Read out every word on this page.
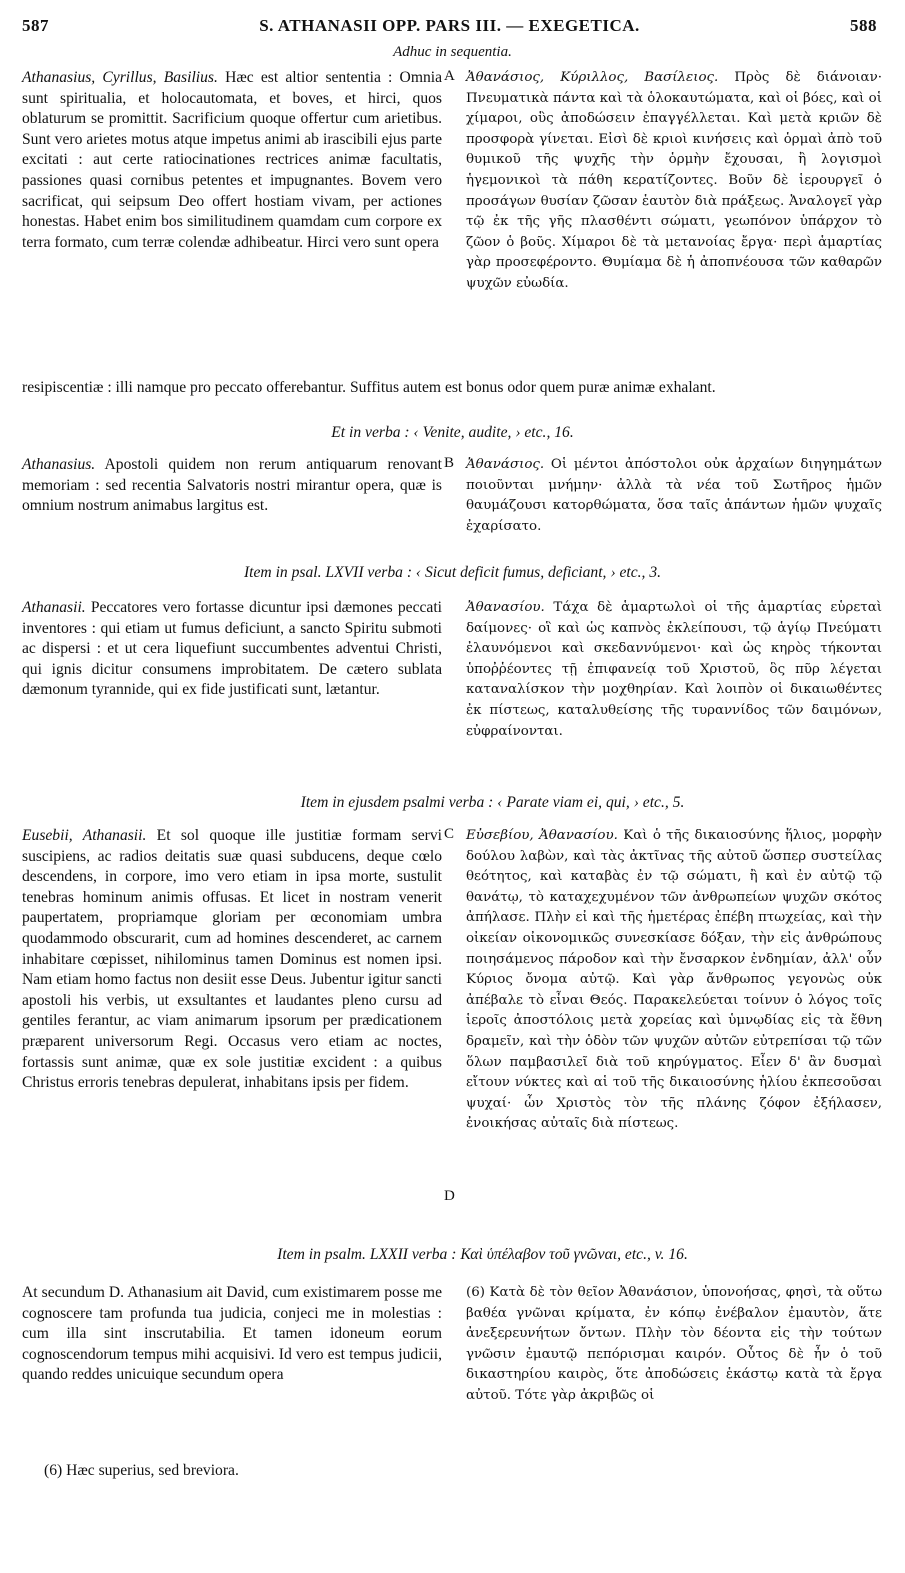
587	S. ATHANASII OPP. PARS III. — EXEGETICA.	588
Adhuc in sequentia.
Athanasius, Cyrillus, Basilius. Hæc est altior sententia : Omnia sunt spiritualia, et holocautomata, et boves, et hirci, quos oblaturum se promittit. Sacrificium quoque offertur cum arietibus. Sunt vero arietes motus atque impetus animi ab irascibili ejus parte excitati : aut certe ratiocinationes rectrices animæ facultatis, passiones quasi cornibus petentes et impugnantes. Bovem vero sacrificat, qui seipsum Deo offert hostiam vivam, per actiones honestas. Habet enim bos similitudinem quamdam cum corpore ex terra formato, cum terræ colendæ adhibeatur. Hirci vero sunt opera
A Ἀθανάσιος, Κύριλλος, Βασίλειος. Πρὸς δὲ διάνοιαν· Πνευματικὰ πάντα καὶ τὰ ὁλοκαυτώματα, καὶ οἱ βόες, καὶ οἱ χίμαροι, οὓς ἀποδώσειν ἐπαγγέλλεται. Καὶ μετὰ κριῶν δὲ προσφορὰ γίνεται. Εἰσὶ δὲ κριοὶ κινήσεις καὶ ὁρμαὶ ἀπὸ τοῦ θυμικοῦ τῆς ψυχῆς τὴν ὁρμὴν ἔχουσαι, ἢ λογισμοὶ ἡγεμονικοὶ τὰ πάθη κερατίζοντες. Βοῦν δὲ ἱερουργεῖ ὁ προσάγων θυσίαν ζῶσαν ἑαυτὸν διὰ πράξεως. Ἀναλογεῖ γὰρ τῷ ἐκ τῆς γῆς πλασθέντι σώματι, γεωπόνον ὑπάρχον τὸ ζῶον ὁ βοῦς. Χίμαροι δὲ τὰ μετανοίας ἔργα· περὶ ἁμαρτίας γὰρ προσεφέροντο. Θυμίαμα δὲ ἡ ἀποπνέουσα τῶν καθαρῶν ψυχῶν εὐωδία.
resipiscentiæ : illi namque pro peccato offerebantur. Suffitus autem est bonus odor quem puræ animæ exhalant.
Et in verba : ‹ Venite, audite, › etc., 16.
Athanasius. Apostoli quidem non rerum antiquarum renovant memoriam : sed recentia Salvatoris nostri mirantur opera, quæ is omnium nostrum animabus largitus est.
B Ἀθανάσιος. Οἱ μέντοι ἀπόστολοι οὐκ ἀρχαίων διηγημάτων ποιοῦνται μνήμην· ἀλλὰ τὰ νέα τοῦ Σωτῆρος ἡμῶν θαυμάζουσι κατορθώματα, ὅσα ταῖς ἁπάντων ἡμῶν ψυχαῖς ἐχαρίσατο.
Item in psal. LXVII verba : ‹ Sicut deficit fumus, deficiant, › etc., 3.
Athanasii. Peccatores vero fortasse dicuntur ipsi dæmones peccati inventores : qui etiam ut fumus deficiunt, a sancto Spiritu submoti ac dispersi : et ut cera liquefiunt succumbentes adventui Christi, qui ignis dicitur consumens improbitatem. De cætero sublata dæmonum tyrannide, qui ex fide justificati sunt, lætantur.
Ἀθανασίου. Τάχα δὲ ἁμαρτωλοὶ οἱ τῆς ἁμαρτίας εὑρεταὶ δαίμονες· οἳ καὶ ὡς καπνὸς ἐκλείπουσι, τῷ ἁγίῳ Πνεύματι ἐλαυνόμενοι καὶ σκεδαννύμενοι· καὶ ὡς κηρὸς τήκονται ὑποῤῥέοντες τῇ ἐπιφανείᾳ τοῦ Χριστοῦ, ὃς πῦρ λέγεται καταναλίσκον τὴν μοχθηρίαν. Καὶ λοιπὸν οἱ δικαιωθέντες ἐκ πίστεως, καταλυθείσης τῆς τυραννίδος τῶν δαιμόνων, εὐφραίνονται.
Item in ejusdem psalmi verba : ‹ Parate viam ei, qui, › etc., 5.
Eusebii, Athanasii. Et sol quoque ille justitiæ formam servi suscipiens, ac radios deitatis suæ quasi subducens, deque cœlo descendens, in corpore, imo vero etiam in ipsa morte, sustulit tenebras hominum animis offusas. Et licet in nostram venerit paupertatem, propriamque gloriam per œconomiam umbra quodammodo obscurarit, cum ad homines descenderet, ac carnem inhabitare cœpisset, nihilominus tamen Dominus est nomen ipsi. Nam etiam homo factus non desiit esse Deus. Jubentur igitur sancti apostoli his verbis, ut exsultantes et laudantes pleno cursu ad gentiles ferantur, ac viam animarum ipsorum per prædicationem præparent universorum Regi. Occasus vero etiam ac noctes, fortassis sunt animæ, quæ ex sole justitiæ excident : a quibus Christus erroris tenebras depulerat, inhabitans ipsis per fidem.
C
D
Εὐσεβίου, Ἀθανασίου. Καὶ ὁ τῆς δικαιοσύνης ἥλιος, μορφὴν δούλου λαβὼν, καὶ τὰς ἀκτῖνας τῆς αὐτοῦ ὥσπερ συστείλας θεότητος, καὶ καταβὰς ἐν τῷ σώματι, ἢ καὶ ἐν αὐτῷ τῷ θανάτῳ, τὸ καταχεχυμένον τῶν ἀνθρωπείων ψυχῶν σκότος ἀπήλασε. Πλὴν εἰ καὶ τῆς ἡμετέρας ἐπέβη πτωχείας, καὶ τὴν οἰκείαν οἰκονομικῶς συνεσκίασε δόξαν, τὴν εἰς ἀνθρώπους ποιησάμενος πάροδον καὶ τὴν ἔνσαρκον ἐνδημίαν, ἀλλ' οὖν Κύριος ὄνομα αὐτῷ. Καὶ γὰρ ἄνθρωπος γεγονὼς οὐκ ἀπέβαλε τὸ εἶναι Θεός. Παρακελεύεται τοίνυν ὁ λόγος τοῖς ἱεροῖς ἀποστόλοις μετὰ χορείας καὶ ὑμνῳδίας εἰς τὰ ἔθνη δραμεῖν, καὶ τὴν ὁδὸν τῶν ψυχῶν αὐτῶν εὐτρεπίσαι τῷ τῶν ὅλων παμβασιλεῖ διὰ τοῦ κηρύγματος. Εἶεν δ' ἂν δυσμαὶ εἴτουν νύκτες καὶ αἱ τοῦ τῆς δικαιοσύνης ἡλίου ἐκπεσοῦσαι ψυχαί· ὧν Χριστὸς τὸν τῆς πλάνης ζόφον ἐξήλασεν, ἐνοικήσας αὐταῖς διὰ πίστεως.
Item in psalm. LXXII verba : Καὶ ὑπέλαβον τοῦ γνῶναι, etc., v. 16.
At secundum D. Athanasium ait David, cum existimarem posse me cognoscere tam profunda tua judicia, conjeci me in molestias : cum illa sint inscrutabilia. Et tamen idoneum eorum cognoscendorum tempus mihi acquisivi. Id vero est tempus judicii, quando reddes unicuique secundum opera
(6) Κατὰ δὲ τὸν θεῖον Ἀθανάσιον, ὑπονοήσας, φησὶ, τὰ οὕτω βαθέα γνῶναι κρίματα, ἐν κόπῳ ἐνέβαλον ἐμαυτὸν, ἅτε ἀνεξερευνήτων ὄντων. Πλὴν τὸν δέοντα εἰς τὴν τούτων γνῶσιν ἐμαυτῷ πεπόρισμαι καιρόν. Οὗτος δὲ ἦν ὁ τοῦ δικαστηρίου καιρὸς, ὅτε ἀποδώσεις ἑκάστῳ κατὰ τὰ ἔργα αὐτοῦ. Τότε γὰρ ἀκριβῶς οἱ
(6) Hæc superius, sed breviora.
